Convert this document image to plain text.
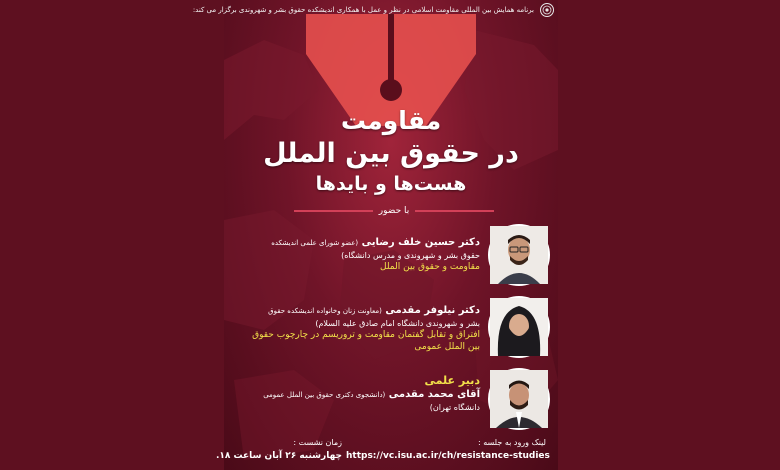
برنامه همایش بین المللی مقاومت اسلامی در نظر و عمل با همکاری اندیشکده حقوق بشر و شهروندی برگزار می کند:
مقاومت
در حقوق بین الملل
هست‌ها و بایدها
با حضور
دکتر حسین خلف رضایی (عضو شورای علمی اندیشکده
حقوق بشر و شهروندی و مدرس دانشگاه)
مقاومت و حقوق بین الملل
دکتر نیلوفر مقدمی (معاونت زنان وخانواده اندیشکده حقوق
بشر و شهروندی دانشگاه امام صادق علیه السلام)
افتراق و تقابل گفتمان مقاومت و تروریسم در چارچوب حقوق
بین الملل عمومی
دبیر علمی
آقای محمد مقدمی (دانشجوی دکتری حقوق بین الملل عمومی
دانشگاه تهران)
لینک ورود به جلسه :
https://vc.isu.ac.ir/ch/resistance-studies
زمان نشست :
چهارشنبه ۲۶ آبان ساعت ۱۸.
